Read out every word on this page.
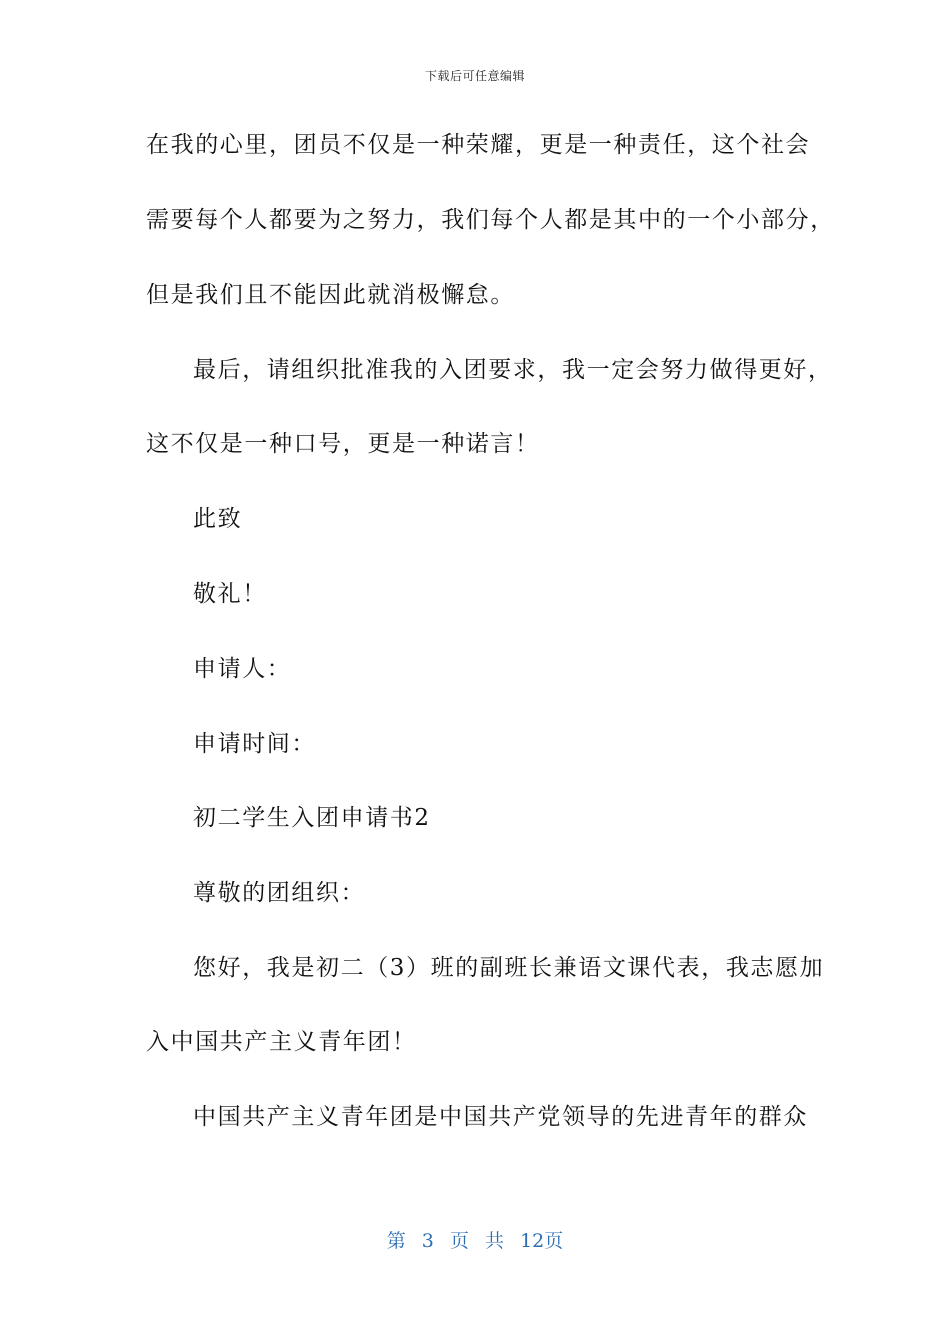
下载后可任意编辑
在我的心里，团员不仅是一种荣耀，更是一种责任，这个社会
需要每个人都要为之努力，我们每个人都是其中的一个小部分，
但是我们且不能因此就消极懈怠。
最后，请组织批准我的入团要求，我一定会努力做得更好，
这不仅是一种口号，更是一种诺言！
此致
敬礼！
申请人：
申请时间：
初二学生入团申请书2
尊敬的团组织：
您好，我是初二（3）班的副班长兼语文课代表，我志愿加
入中国共产主义青年团！
中国共产主义青年团是中国共产党领导的先进青年的群众
第 3 页 共 12页
